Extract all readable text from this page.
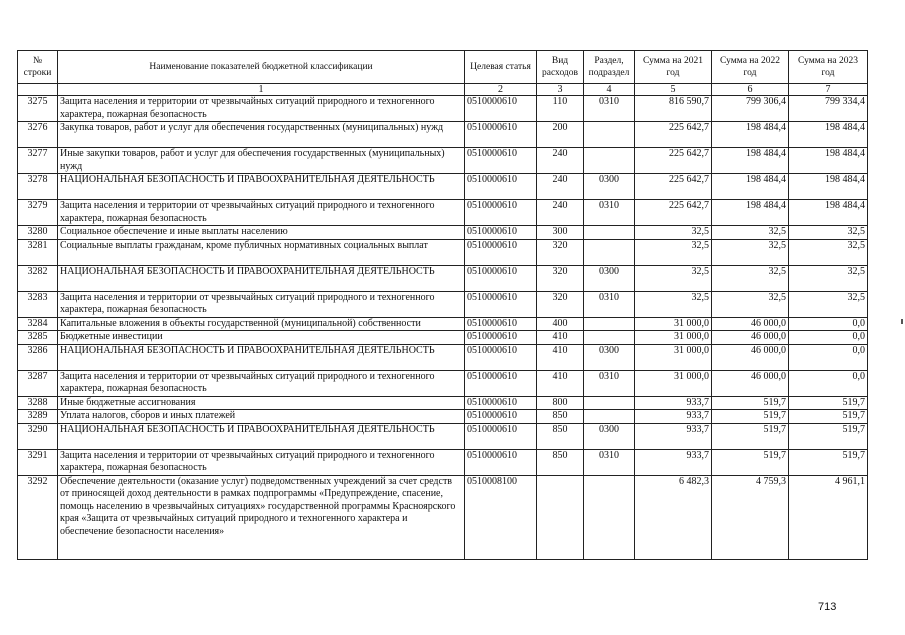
№ строки	Наименование показателей бюджетной классификации	Целевая статья	Вид расходов	Раздел, подраздел	Сумма на 2021 год	Сумма на 2022 год	Сумма на 2023 год
	1	2	3	4	5	6	7
3275	Защита населения и территории от чрезвычайных ситуаций природного и техногенного характера, пожарная безопасность	0510000610	110	0310	816 590,7	799 306,4	799 334,4
3276	Закупка товаров, работ и услуг для обеспечения государственных (муниципальных) нужд	0510000610	200		225 642,7	198 484,4	198 484,4
3277	Иные закупки товаров, работ и услуг для обеспечения государственных (муниципальных) нужд	0510000610	240		225 642,7	198 484,4	198 484,4
3278	НАЦИОНАЛЬНАЯ БЕЗОПАСНОСТЬ И ПРАВООХРАНИТЕЛЬНАЯ ДЕЯТЕЛЬНОСТЬ	0510000610	240	0300	225 642,7	198 484,4	198 484,4
3279	Защита населения и территории от чрезвычайных ситуаций природного и техногенного характера, пожарная безопасность	0510000610	240	0310	225 642,7	198 484,4	198 484,4
3280	Социальное обеспечение и иные выплаты населению	0510000610	300		32,5	32,5	32,5
3281	Социальные выплаты гражданам, кроме публичных нормативных социальных выплат	0510000610	320		32,5	32,5	32,5
3282	НАЦИОНАЛЬНАЯ БЕЗОПАСНОСТЬ И ПРАВООХРАНИТЕЛЬНАЯ ДЕЯТЕЛЬНОСТЬ	0510000610	320	0300	32,5	32,5	32,5
3283	Защита населения и территории от чрезвычайных ситуаций природного и техногенного характера, пожарная безопасность	0510000610	320	0310	32,5	32,5	32,5
3284	Капитальные вложения в объекты государственной (муниципальной) собственности	0510000610	400		31 000,0	46 000,0	0,0
3285	Бюджетные инвестиции	0510000610	410		31 000,0	46 000,0	0,0
3286	НАЦИОНАЛЬНАЯ БЕЗОПАСНОСТЬ И ПРАВООХРАНИТЕЛЬНАЯ ДЕЯТЕЛЬНОСТЬ	0510000610	410	0300	31 000,0	46 000,0	0,0
3287	Защита населения и территории от чрезвычайных ситуаций природного и техногенного характера, пожарная безопасность	0510000610	410	0310	31 000,0	46 000,0	0,0
3288	Иные бюджетные ассигнования	0510000610	800		933,7	519,7	519,7
3289	Уплата налогов, сборов и иных платежей	0510000610	850		933,7	519,7	519,7
3290	НАЦИОНАЛЬНАЯ БЕЗОПАСНОСТЬ И ПРАВООХРАНИТЕЛЬНАЯ ДЕЯТЕЛЬНОСТЬ	0510000610	850	0300	933,7	519,7	519,7
3291	Защита населения и территории от чрезвычайных ситуаций природного и техногенного характера, пожарная безопасность	0510000610	850	0310	933,7	519,7	519,7
3292	Обеспечение деятельности (оказание услуг) подведомственных учреждений за счет средств от приносящей доход деятельности в рамках подпрограммы «Предупреждение, спасение, помощь населению в чрезвычайных ситуациях» государственной программы Красноярского края «Защита от чрезвычайных ситуаций природного и техногенного характера и обеспечение безопасности населения»	0510008100			6 482,3	4 759,3	4 961,1
713
